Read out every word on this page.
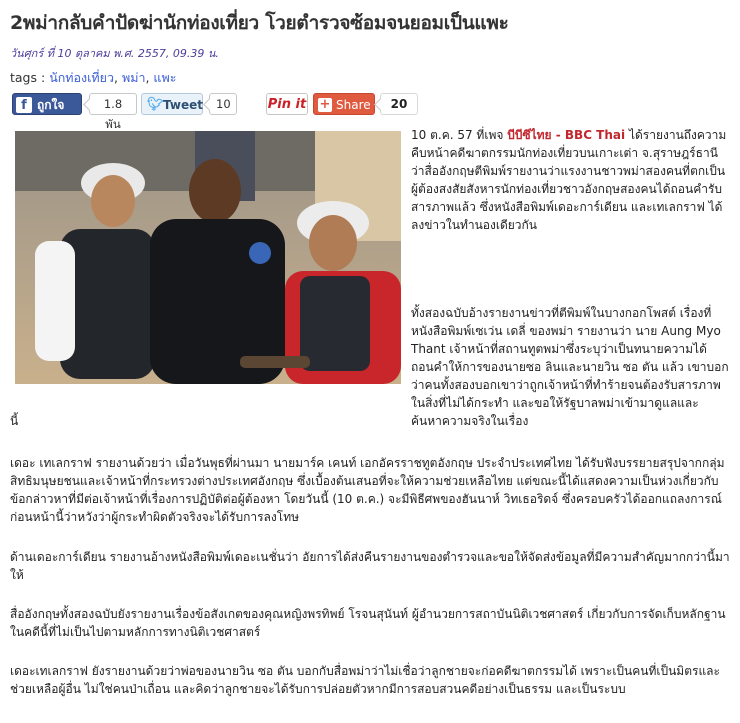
2พม่ากลับคำปัดฆ่านักท่องเที่ยว โวยตำรวจซ้อมจนยอมเป็นแพะ
วันศุกร์ ที่ 10 ตุลาคม พ.ศ. 2557, 09.39 น.
tags : นักท่องเที่ยว, พม่า, แพะ
f ถูกใจ	1.8 พัน
🐦︎ Tweet	10	Pin it + Share	20
10 ต.ค. 57 ที่เพจ บีบีซีไทย - BBC Thai ได้รายงานถึงความคืบหน้าคดีฆาตกรรมนักท่องเที่ยวบนเกาะเต่า จ.สุราษฎร์ธานี ว่าสื่ออังกฤษตีพิมพ์รายงานว่าแรงงานชาวพม่าสองคนที่ตกเป็นผู้ต้องสงสัยสังหารนักท่องเที่ยวชาวอังกฤษสองคนได้ถอนคำรับสารภาพแล้ว ซึ่งหนังสือพิมพ์เดอะการ์เดียน และเทเลกราฟ ได้ลงข่าวในทำนองเดียวกัน
ทั้งสองฉบับอ้างรายงานข่าวที่ตีพิมพ์ในบางกอกโพสต์ เรื่องที่ หนังสือพิมพ์เซเว่น เดลี่ ของพม่า รายงานว่า นาย Aung Myo Thant เจ้าหน้าที่สถานทูตพม่าซึ่งระบุว่าเป็นทนายความได้ถอนคำให้การของนายซอ ลินและนายวิน ซอ ตัน แล้ว เขาบอกว่าคนทั้งสองบอกเขาว่าถูกเจ้าหน้าที่ทำร้ายจนต้องรับสารภาพในสิ่งที่ไม่ได้กระทำ และขอให้รัฐบาลพม่าเข้ามาดูแลและค้นหาความจริงในเรื่อง
นี้
เดอะ เทเลกราฟ รายงานด้วยว่า เมื่อวันพุธที่ผ่านมา นายมาร์ค เคนท์ เอกอัครราชทูตอังกฤษ ประจำประเทศไทย ได้รับฟังบรรยายสรุปจากกลุ่มสิทธิมนุษยชนและเจ้าหน้าที่กระทรวงต่างประเทศอังกฤษ ซึ่งเบื้องต้นเสนอที่จะให้ความช่วยเหลือไทย แต่ขณะนี้ได้แสดงความเป็นห่วงเกี่ยวกับข้อกล่าวหาที่มีต่อเจ้าหน้าที่เรื่องการปฏิบัติต่อผู้ต้องหา โดยวันนี้ (10 ต.ค.) จะมีพิธีศพของฮันนาห์ วิทเธอริดจ์ ซึ่งครอบครัวได้ออกแถลงการณ์ก่อนหน้านี้ว่าหวังว่าผู้กระทำผิดตัวจริงจะได้รับการลงโทษ
ด้านเดอะการ์เดียน รายงานอ้างหนังสือพิมพ์เดอะเนชั่นว่า อัยการได้ส่งคืนรายงานของตำรวจและขอให้จัดส่งข้อมูลที่มีความสำคัญมากกว่านี้มาให้
สื่ออังกฤษทั้งสองฉบับยังรายงานเรื่องข้อสังเกตของคุณหญิงพรทิพย์ โรจนสุนันท์ ผู้อำนวยการสถาบันนิติเวชศาสตร์ เกี่ยวกับการจัดเก็บหลักฐานในคดีนี้ที่ไม่เป็นไปตามหลักการทางนิติเวชศาสตร์
เดอะเทเลกราฟ ยังรายงานด้วยว่าพ่อของนายวิน ซอ ตัน บอกกับสื่อพม่าว่าไม่เชื่อว่าลูกชายจะก่อคดีฆาตกรรมได้ เพราะเป็นคนที่เป็นมิตรและช่วยเหลือผู้อื่น ไม่ใช่คนป่าเถื่อน และคิดว่าลูกชายจะได้รับการปล่อยตัวหากมีการสอบสวนคดีอย่างเป็นธรรม และเป็นระบบ
